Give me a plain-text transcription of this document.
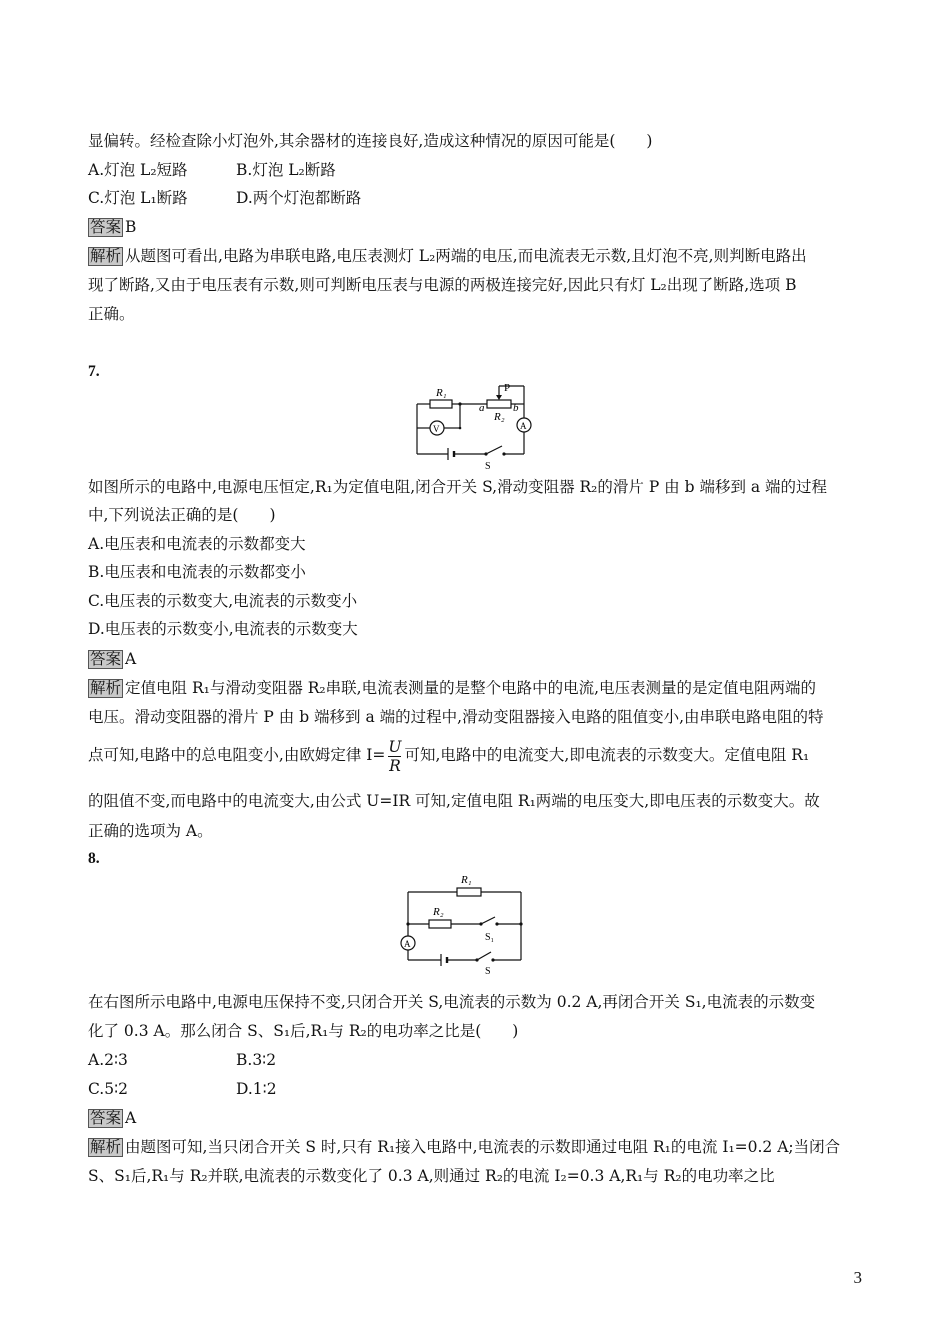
显偏转。经检查除小灯泡外,其余器材的连接良好,造成这种情况的原因可能是(　　)
A.灯泡 L₂短路	B.灯泡 L₂断路
C.灯泡 L₁断路	D.两个灯泡都断路
答案 B
解析 从题图可看出,电路为串联电路,电压表测灯 L₂两端的电压,而电流表无示数,且灯泡不亮,则判断电路出
现了断路,又由于电压表有示数,则可判断电压表与电源的两极连接完好,因此只有灯 L₂出现了断路,选项 B
正确。
7.
R₁	P
a	b
R₂
V	A
S
如图所示的电路中,电源电压恒定,R₁为定值电阻,闭合开关 S,滑动变阻器 R₂的滑片 P 由 b 端移到 a 端的过程
中,下列说法正确的是(　　)
A.电压表和电流表的示数都变大
B.电压表和电流表的示数都变小
C.电压表的示数变大,电流表的示数变小
D.电压表的示数变小,电流表的示数变大
答案 A
解析 定值电阻 R₁与滑动变阻器 R₂串联,电流表测量的是整个电路中的电流,电压表测量的是定值电阻两端的
电压。滑动变阻器的滑片 P 由 b 端移到 a 端的过程中,滑动变阻器接入电路的阻值变小,由串联电路电阻的特
点可知,电路中的总电阻变小,由欧姆定律 $I= \frac{U}{R}$ 可知,电路中的电流变大,即电流表的示数变大。定值电阻 R₁
的阻值不变,而电路中的电流变大,由公式 U=IR 可知,定值电阻 R₁两端的电压变大,即电压表的示数变大。故
正确的选项为 A。
8.
R₁
R₂
S₁
A
S
在右图所示电路中,电源电压保持不变,只闭合开关 S,电流表的示数为 0.2 A,再闭合开关 S₁,电流表的示数变
化了 0.3 A。那么闭合 S、S₁后,R₁与 R₂的电功率之比是(　　)
A.2∶3	B.3∶2
C.5∶2	D.1∶2
答案 A
解析 由题图可知,当只闭合开关 S 时,只有 R₁接入电路中,电流表的示数即通过电阻 R₁的电流 I₁=0.2 A;当闭合
S、S₁后,R₁与 R₂并联,电流表的示数变化了 0.3 A,则通过 R₂的电流 I₂=0.3 A,R₁与 R₂的电功率之比
3
